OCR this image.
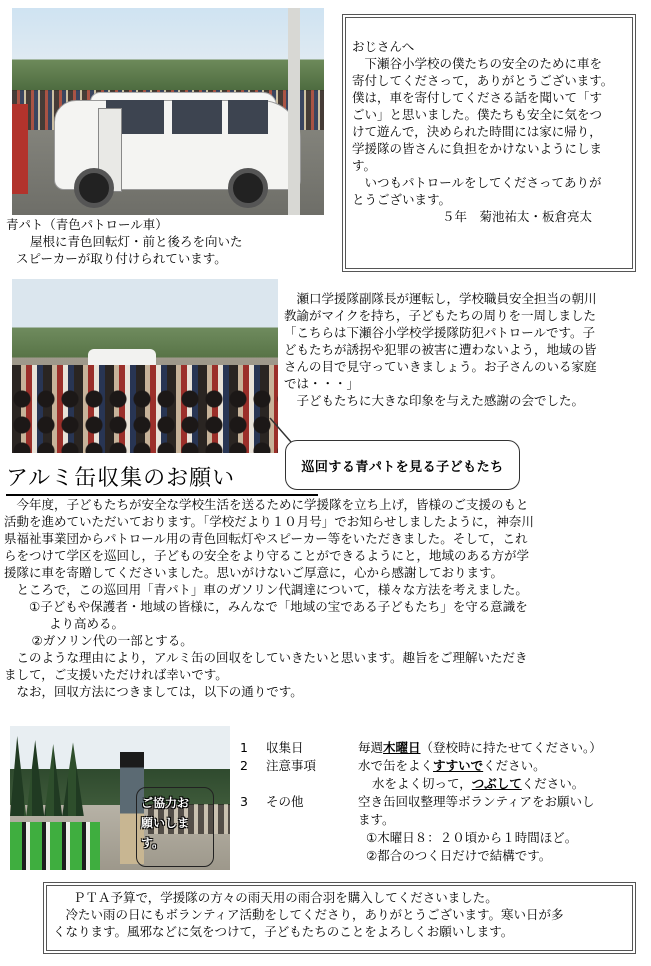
青パト（青色パトロール車）
屋根に青色回転灯・前と後ろを向いた
スピーカーが取り付けられています。
おじさんへ
下瀬谷小学校の僕たちの安全のために車を
寄付してくださって，ありがとうございます。
僕は，車を寄付してくださる話を聞いて「す
ごい」と思いました。僕たちも安全に気をつ
けて遊んで，決められた時間には家に帰り，
学援隊の皆さんに負担をかけないようにしま
す。
いつもパトロールをしてくださってありが
とうございます。
５年　菊池祐太・板倉亮太
瀬口学援隊副隊長が運転し，学校職員安全担当の朝川
教諭がマイクを持ち，子どもたちの周りを一周しました
「こちらは下瀬谷小学校学援隊防犯パトロールです。子
どもたちが誘拐や犯罪の被害に遭わないよう，地域の皆
さんの目で見守っていきましょう。お子さんのいる家庭
では・・・」
子どもたちに大きな印象を与えた感謝の会でした。
巡回する青パトを見る子どもたち
アルミ缶収集のお願い
今年度，子どもたちが安全な学校生活を送るために学援隊を立ち上げ，皆様のご支援のもと
活動を進めていただいております。「学校だより１０月号」でお知らせしましたように，神奈川
県福祉事業団からパトロール用の青色回転灯やスピーカー等をいただきました。そして，これ
らをつけて学区を巡回し，子どもの安全をより守ることができるようにと，地域のある方が学
援隊に車を寄贈してくださいました。思いがけないご厚意に，心から感謝しております。
ところで，この巡回用「青パト」車のガソリン代調達について，様々な方法を考えました。
①子どもや保護者・地域の皆様に，みんなで「地域の宝である子どもたち」を守る意識を
より高める。
②ガソリン代の一部とする。
このような理由により，アルミ缶の回収をしていきたいと思います。趣旨をご理解いただき
まして，ご支援いただければ幸いです。
なお，回収方法につきましては，以下の通りです。
ご協力お
願いしま
す。
1 収集日	毎週木曜日（登校時に持たせてください。）
2 注意事項	水で缶をよくすすいでください。
水をよく切って，つぶしてください。
3 その他	空き缶回収整理等ボランティアをお願いし
ます。
①木曜日８：２０頃から１時間ほど。
②都合のつく日だけで結構です。
ＰＴＡ予算で，学援隊の方々の雨天用の雨合羽を購入してくださいました。
冷たい雨の日にもボランティア活動をしてくださり，ありがとうございます。寒い日が多
くなります。風邪などに気をつけて，子どもたちのことをよろしくお願いします。
